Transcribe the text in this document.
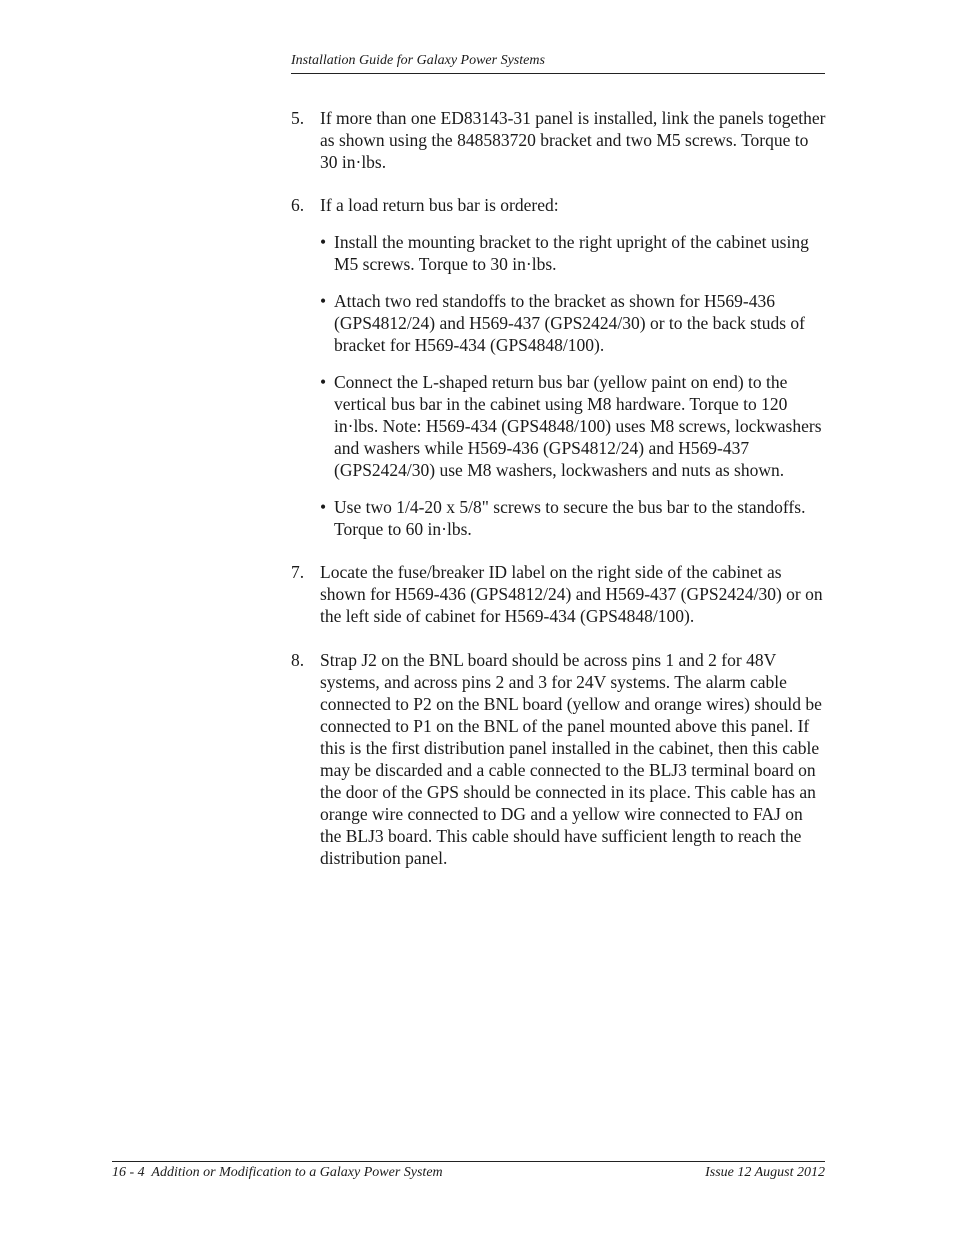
Installation Guide for Galaxy Power Systems
5. If more than one ED83143-31 panel is installed, link the panels together as shown using the 848583720 bracket and two M5 screws. Torque to 30 in·lbs.
6. If a load return bus bar is ordered:
• Install the mounting bracket to the right upright of the cabinet using M5 screws. Torque to 30 in·lbs.
• Attach two red standoffs to the bracket as shown for H569-436 (GPS4812/24) and H569-437 (GPS2424/30) or to the back studs of bracket for H569-434 (GPS4848/100).
• Connect the L-shaped return bus bar (yellow paint on end) to the vertical bus bar in the cabinet using M8 hardware. Torque to 120 in·lbs. Note: H569-434 (GPS4848/100) uses M8 screws, lockwashers and washers while H569-436 (GPS4812/24) and H569-437 (GPS2424/30) use M8 washers, lockwashers and nuts as shown.
• Use two 1/4-20 x 5/8" screws to secure the bus bar to the standoffs. Torque to 60 in·lbs.
7. Locate the fuse/breaker ID label on the right side of the cabinet as shown for H569-436 (GPS4812/24) and H569-437 (GPS2424/30) or on the left side of cabinet for H569-434 (GPS4848/100).
8. Strap J2 on the BNL board should be across pins 1 and 2 for 48V systems, and across pins 2 and 3 for 24V systems. The alarm cable connected to P2 on the BNL board (yellow and orange wires) should be connected to P1 on the BNL of the panel mounted above this panel. If this is the first distribution panel installed in the cabinet, then this cable may be discarded and a cable connected to the BLJ3 terminal board on the door of the GPS should be connected in its place. This cable has an orange wire connected to DG and a yellow wire connected to FAJ on the BLJ3 board. This cable should have sufficient length to reach the distribution panel.
16 - 4  Addition or Modification to a Galaxy Power System	Issue 12 August 2012
